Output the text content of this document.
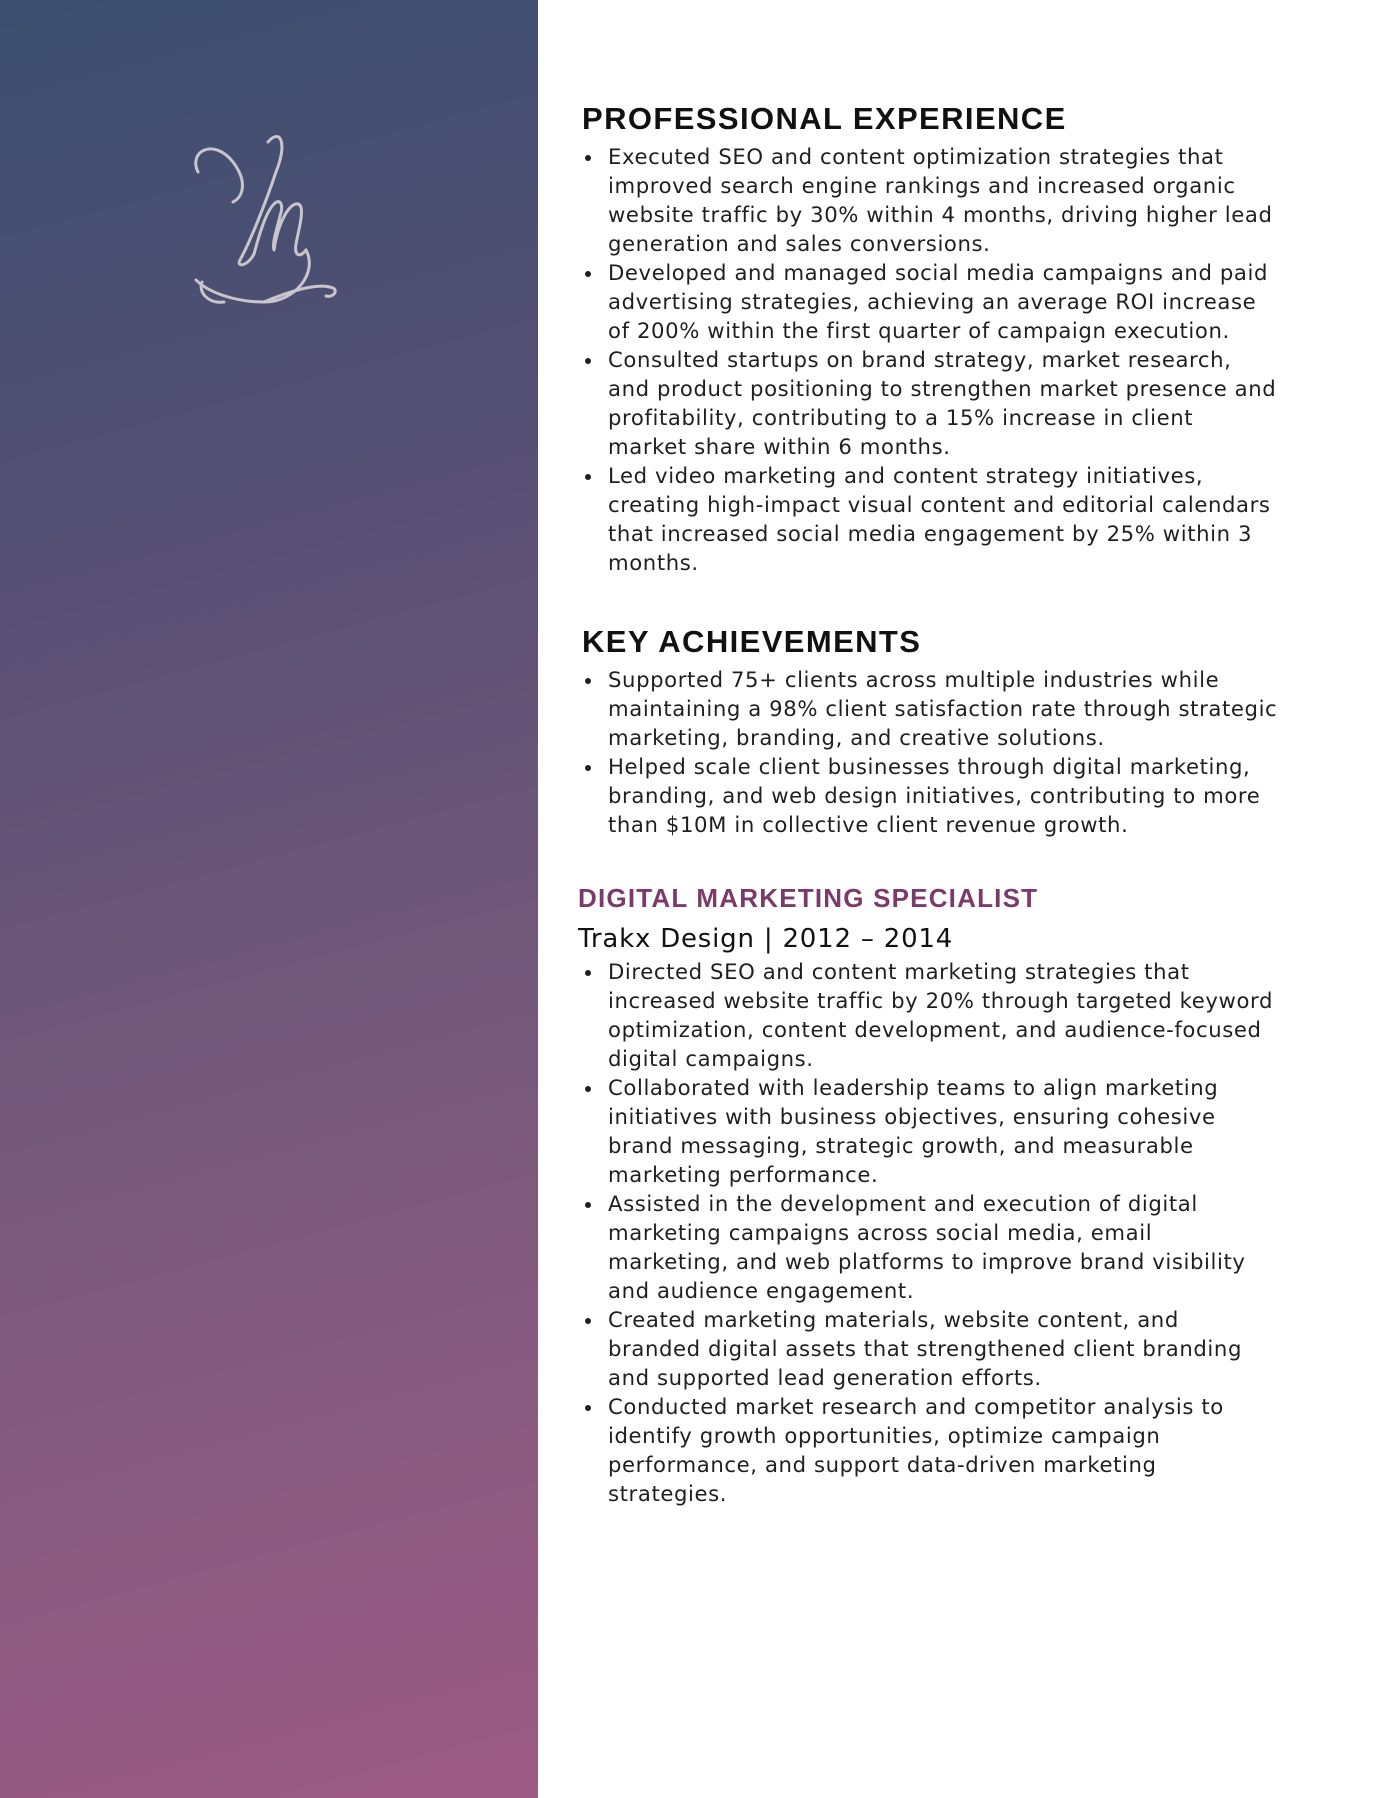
PROFESSIONAL EXPERIENCE
Executed SEO and content optimization strategies that improved search engine rankings and increased organic website traffic by 30% within 4 months, driving higher lead generation and sales conversions.
Developed and managed social media campaigns and paid advertising strategies, achieving an average ROI increase of 200% within the first quarter of campaign execution.
Consulted startups on brand strategy, market research, and product positioning to strengthen market presence and profitability, contributing to a 15% increase in client market share within 6 months.
Led video marketing and content strategy initiatives, creating high-impact visual content and editorial calendars that increased social media engagement by 25% within 3 months.
KEY ACHIEVEMENTS
Supported 75+ clients across multiple industries while maintaining a 98% client satisfaction rate through strategic marketing, branding, and creative solutions.
Helped scale client businesses through digital marketing, branding, and web design initiatives, contributing to more than $10M in collective client revenue growth.
DIGITAL MARKETING SPECIALIST
Trakx Design | 2012 – 2014
Directed SEO and content marketing strategies that increased website traffic by 20% through targeted keyword optimization, content development, and audience-focused digital campaigns.
Collaborated with leadership teams to align marketing initiatives with business objectives, ensuring cohesive brand messaging, strategic growth, and measurable marketing performance.
Assisted in the development and execution of digital marketing campaigns across social media, email marketing, and web platforms to improve brand visibility and audience engagement.
Created marketing materials, website content, and branded digital assets that strengthened client branding and supported lead generation efforts.
Conducted market research and competitor analysis to identify growth opportunities, optimize campaign performance, and support data-driven marketing strategies.
